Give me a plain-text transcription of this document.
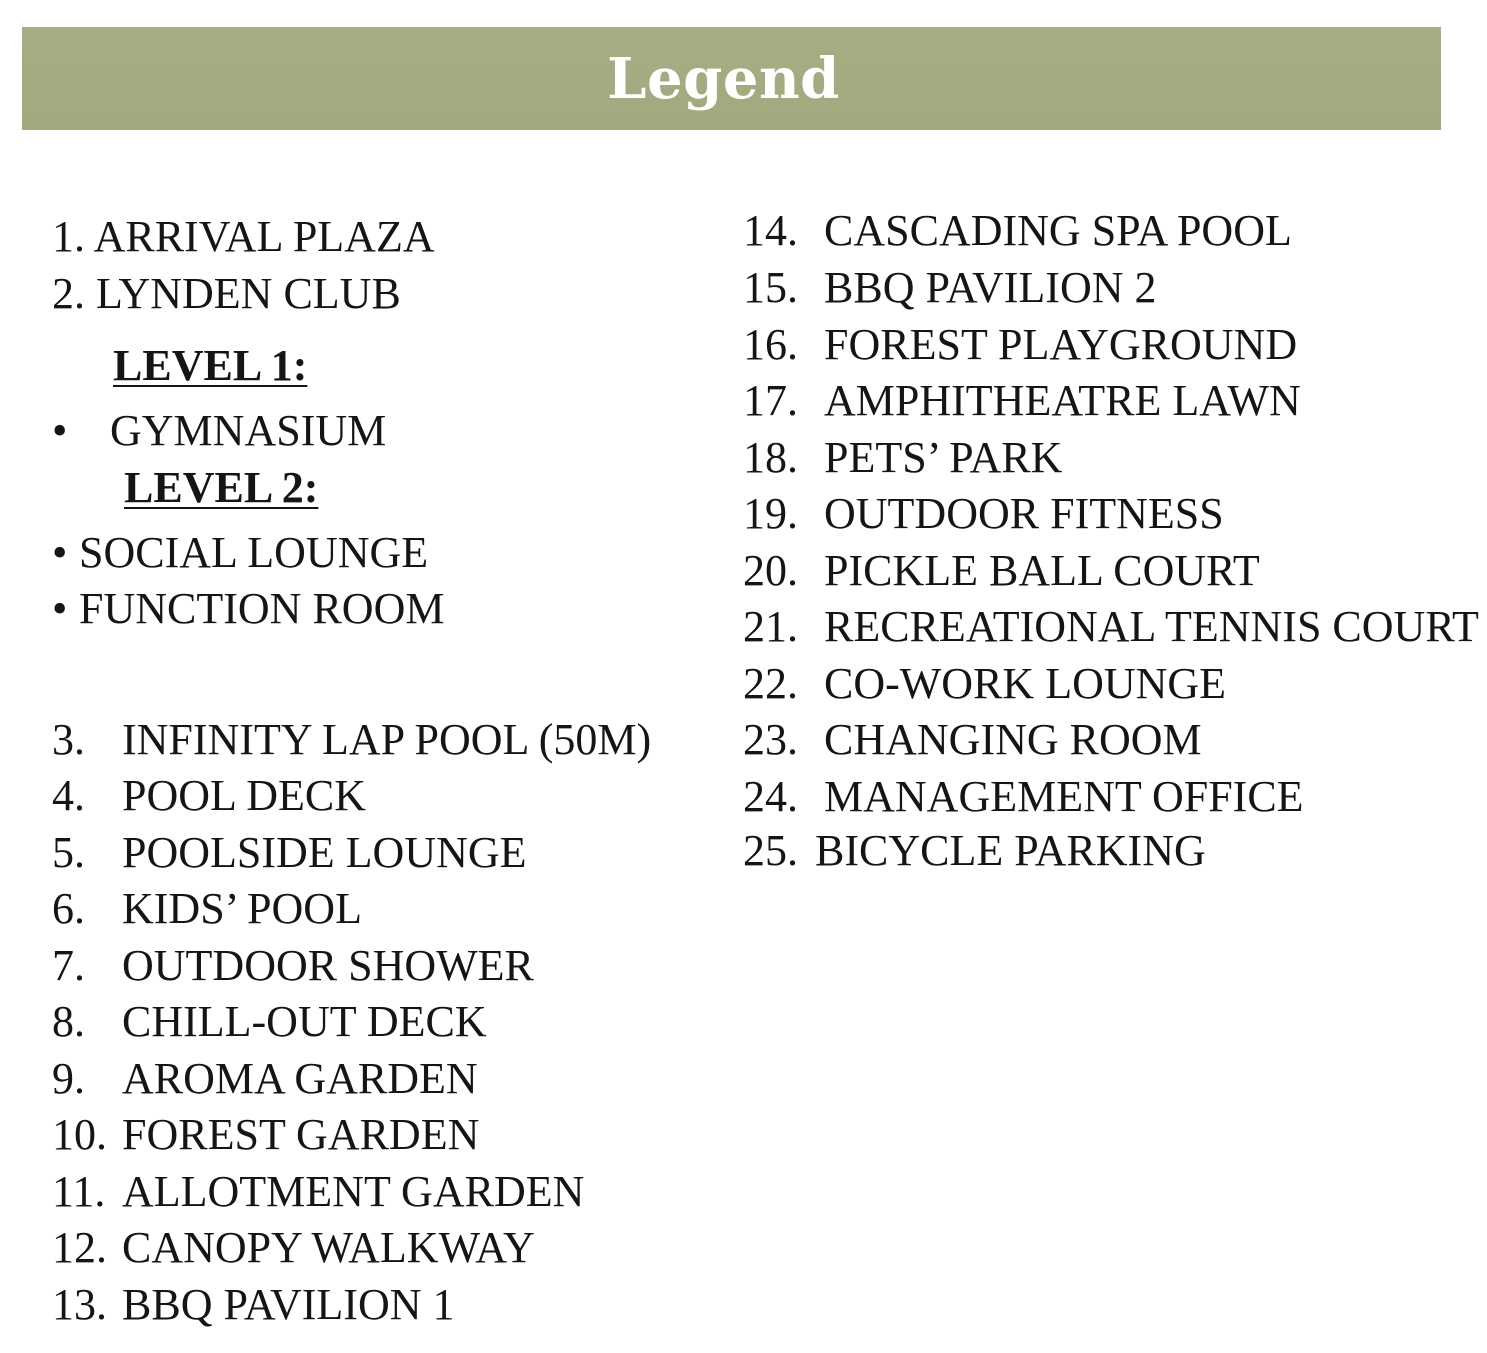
Legend
1. ARRIVAL PLAZA
2. LYNDEN CLUB
LEVEL 1:
• GYMNASIUM
LEVEL 2:
• SOCIAL LOUNGE
• FUNCTION ROOM
3. INFINITY LAP POOL (50M)
4. POOL DECK
5. POOLSIDE LOUNGE
6. KIDS’ POOL
7. OUTDOOR SHOWER
8. CHILL-OUT DECK
9. AROMA GARDEN
10. FOREST GARDEN
11. ALLOTMENT GARDEN
12. CANOPY WALKWAY
13. BBQ PAVILION 1
14. CASCADING SPA POOL
15. BBQ PAVILION 2
16. FOREST PLAYGROUND
17. AMPHITHEATRE LAWN
18. PETS’ PARK
19. OUTDOOR FITNESS
20. PICKLE BALL COURT
21. RECREATIONAL TENNIS COURT
22. CO-WORK LOUNGE
23. CHANGING ROOM
24. MANAGEMENT OFFICE
25. BICYCLE PARKING
